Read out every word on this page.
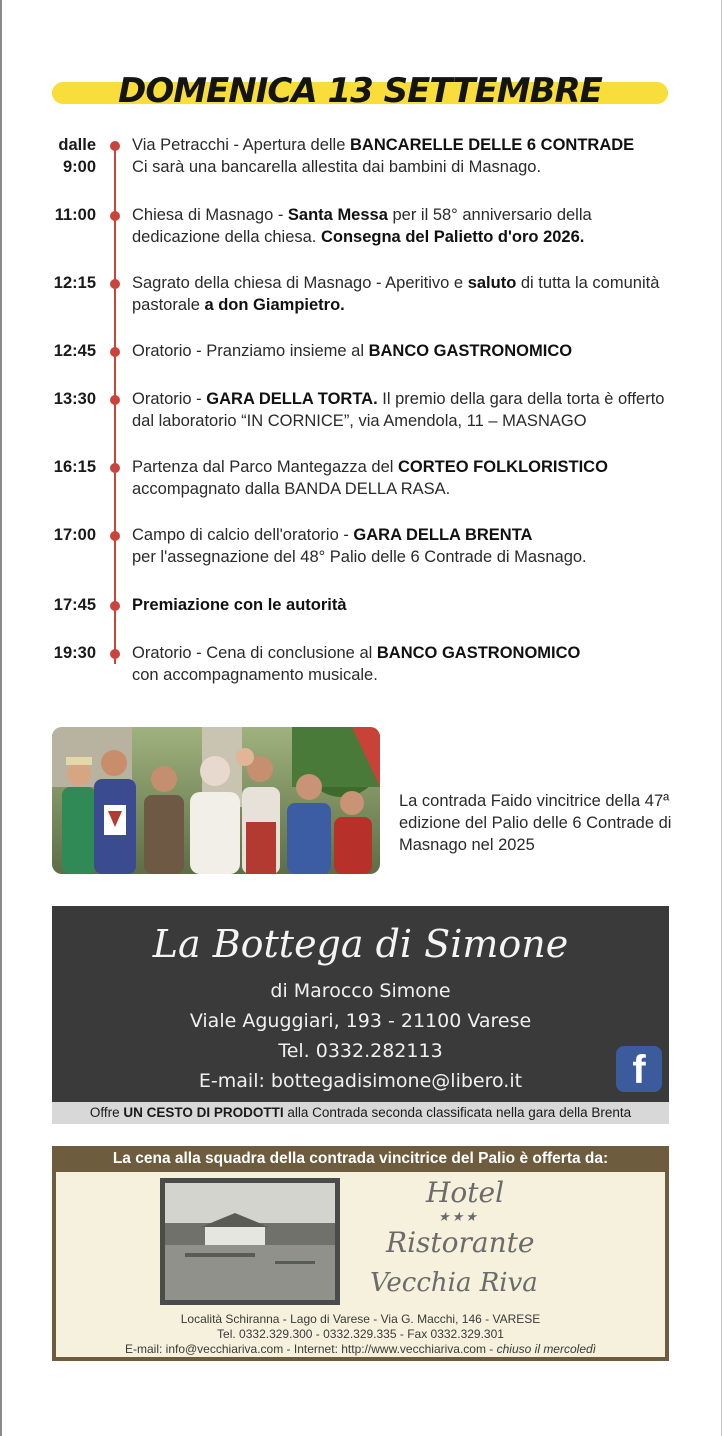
DOMENICA 13 SETTEMBRE
dalle
9:00
Via Petracchi - Apertura delle BANCARELLE DELLE 6 CONTRADE
Ci sarà una bancarella allestita dai bambini di Masnago.
11:00 Chiesa di Masnago - Santa Messa per il 58° anniversario della dedicazione della chiesa. Consegna del Palietto d'oro 2026.
12:15 Sagrato della chiesa di Masnago - Aperitivo e saluto di tutta la comunità pastorale a don Giampietro.
12:45 Oratorio - Pranziamo insieme al BANCO GASTRONOMICO
13:30 Oratorio - GARA DELLA TORTA. Il premio della gara della torta è offerto dal laboratorio “IN CORNICE”, via Amendola, 11 – MASNAGO
16:15 Partenza dal Parco Mantegazza del CORTEO FOLKLORISTICO
accompagnato dalla BANDA DELLA RASA.
17:00 Campo di calcio dell'oratorio - GARA DELLA BRENTA
per l'assegnazione del 48° Palio delle 6 Contrade di Masnago.
17:45 Premiazione con le autorità
19:30 Oratorio - Cena di conclusione al BANCO GASTRONOMICO
con accompagnamento musicale.
La contrada Faido vincitrice della 47ª edizione del Palio delle 6 Contrade di Masnago nel 2025
La Bottega di Simone
di Marocco Simone
Viale Aguggiari, 193 - 21100 Varese
Tel. 0332.282113
E-mail: bottegadisimone@libero.it	f
Offre UN CESTO DI PRODOTTI alla Contrada seconda classificata nella gara della Brenta
La cena alla squadra della contrada vincitrice del Palio è offerta da:
Hotel
★★★
Ristorante
Vecchia Riva
Località Schiranna - Lago di Varese - Via G. Macchi, 146 - VARESE
Tel. 0332.329.300 - 0332.329.335 - Fax 0332.329.301
E-mail: info@vecchiariva.com - Internet: http://www.vecchiariva.com - chiuso il mercoledì
